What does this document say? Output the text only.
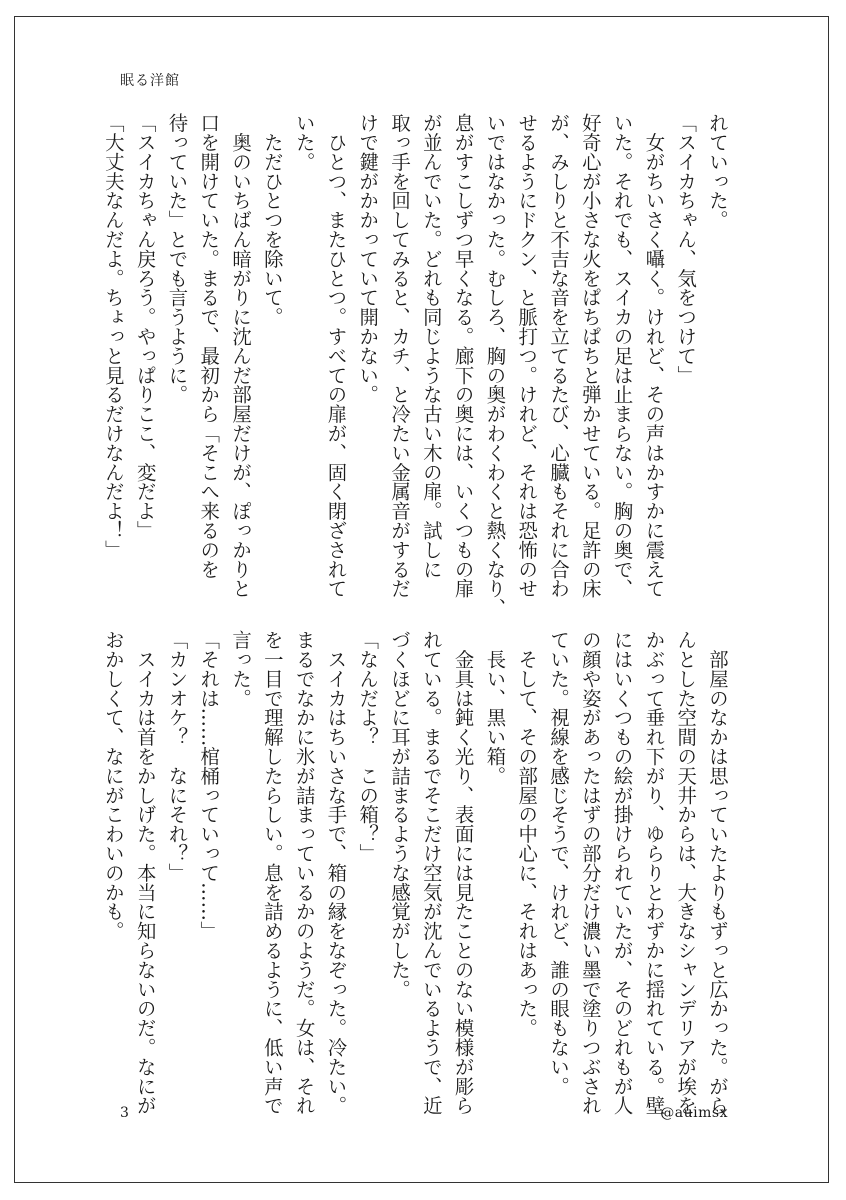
眠る洋館
れていった。
「スイカちゃん、気をつけて」
　女がちいさく囁く。けれど、その声はかすかに震えて
いた。それでも、スイカの足は止まらない。胸の奥で、
好奇心が小さな火をぱちぱちと弾かせている。足許の床
が、みしりと不吉な音を立てるたび、心臓もそれに合わ
せるようにドクン、と脈打つ。けれど、それは恐怖のせ
いではなかった。むしろ、胸の奥がわくわくと熱くなり、
息がすこしずつ早くなる。廊下の奥には、いくつもの扉
が並んでいた。どれも同じような古い木の扉。試しに
取っ手を回してみると、カチ、と冷たい金属音がするだ
けで鍵がかかっていて開かない。
　ひとつ、またひとつ。すべての扉が、固く閉ざされて
いた。
　ただひとつを除いて。
　奥のいちばん暗がりに沈んだ部屋だけが、ぽっかりと
口を開けていた。まるで、最初から「そこへ来るのを
待っていた」とでも言うように。
「スイカちゃん戻ろう。やっぱりここ、変だよ」
「大丈夫なんだよ。ちょっと見るだけなんだよ！」
　部屋のなかは思っていたよりもずっと広かった。がら
んとした空間の天井からは、大きなシャンデリアが埃を
かぶって垂れ下がり、ゆらりとわずかに揺れている。壁
にはいくつもの絵が掛けられていたが、そのどれもが人
の顔や姿があったはずの部分だけ濃い墨で塗りつぶされ
ていた。視線を感じそうで、けれど、誰の眼もない。
　そして、その部屋の中心に、それはあった。
　長い、黒い箱。
　金具は鈍く光り、表面には見たことのない模様が彫ら
れている。まるでそこだけ空気が沈んでいるようで、近
づくほどに耳が詰まるような感覚がした。
「なんだよ？　この箱？」
　スイカはちいさな手で、箱の縁をなぞった。冷たい。
まるでなかに氷が詰まっているかのようだ。女は、それ
を一目で理解したらしい。息を詰めるように、低い声で
言った。
「それは……棺桶っていって……」
「カンオケ？　なにそれ？」
　スイカは首をかしげた。本当に知らないのだ。なにが
おかしくて、なにがこわいのかも。
3	@auimsx
